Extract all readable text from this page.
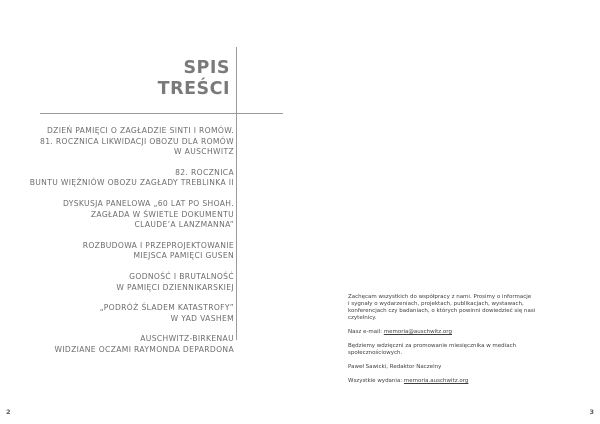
SPIS
TREŚCI
DZIEŃ PAMIĘCI O ZAGŁADZIE SINTI I ROMÓW.
81. ROCZNICA LIKWIDACJI OBOZU DLA ROMÓW
W AUSCHWITZ
82. ROCZNICA
BUNTU WIĘŹNIÓW OBOZU ZAGŁADY TREBLINKA II
DYSKUSJA PANELOWA „60 LAT PO SHOAH.
ZAGŁADA W ŚWIETLE DOKUMENTU
CLAUDE’A LANZMANNA”
ROZBUDOWA I PRZEPROJEKTOWANIE
MIEJSCA PAMIĘCI GUSEN
GODNOŚĆ I BRUTALNOŚĆ
W PAMIĘCI DZIENNIKARSKIEJ
„PODRÓŻ ŚLADEM KATASTROFY”
W YAD VASHEM
AUSCHWITZ-BIRKENAU
WIDZIANE OCZAMI RAYMONDA DEPARDONA
2

Zachęcam wszystkich do współpracy z nami. Prosimy o informacje
i sygnały o wydarzeniach, projektach, publikacjach, wystawach,
konferencjach czy badaniach, o których powinni dowiedzieć się nasi
czytelnicy.

Nasz e-mail: memoria@auschwitz.org

Będziemy wdzięczni za promowanie miesięcznika w mediach
społecznościowych.

Paweł Sawicki, Redaktor Naczelny

Wszystkie wydania: memoria.auschwitz.org

3
